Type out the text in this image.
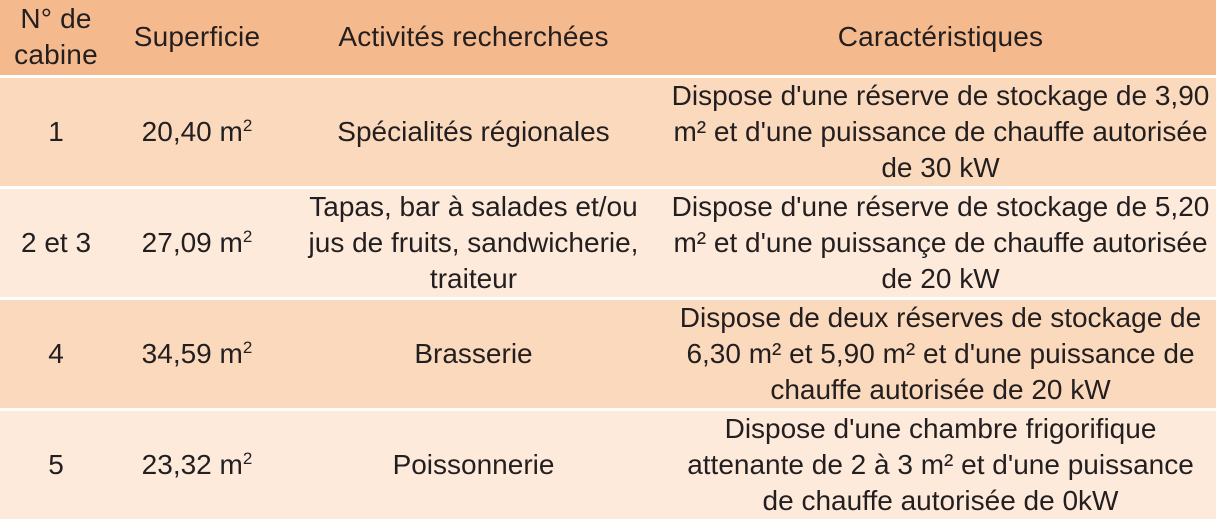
N° de cabine	Superficie	Activités recherchées	Caractéristiques
1	20,40 $m^2$	Spécialités régionales	Dispose d'une réserve de stockage de 3,90 m² et d'une puissance de chauffe autorisée de 30 kW
2 et 3	27,09 $m^2$	Tapas, bar à salades et/ou jus de fruits, sandwicherie, traiteur	Dispose d'une réserve de stockage de 5,20 m² et d'une puissançe de chauffe autorisée de 20 kW
4	34,59 $m^2$	Brasserie	Dispose de deux réserves de stockage de 6,30 m² et 5,90 m² et d'une puissance de chauffe autorisée de 20 kW
5	23,32 $m^2$	Poissonnerie	Dispose d'une chambre frigorifique attenante de 2 à 3 m² et d'une puissance de chauffe autorisée de 0kW
